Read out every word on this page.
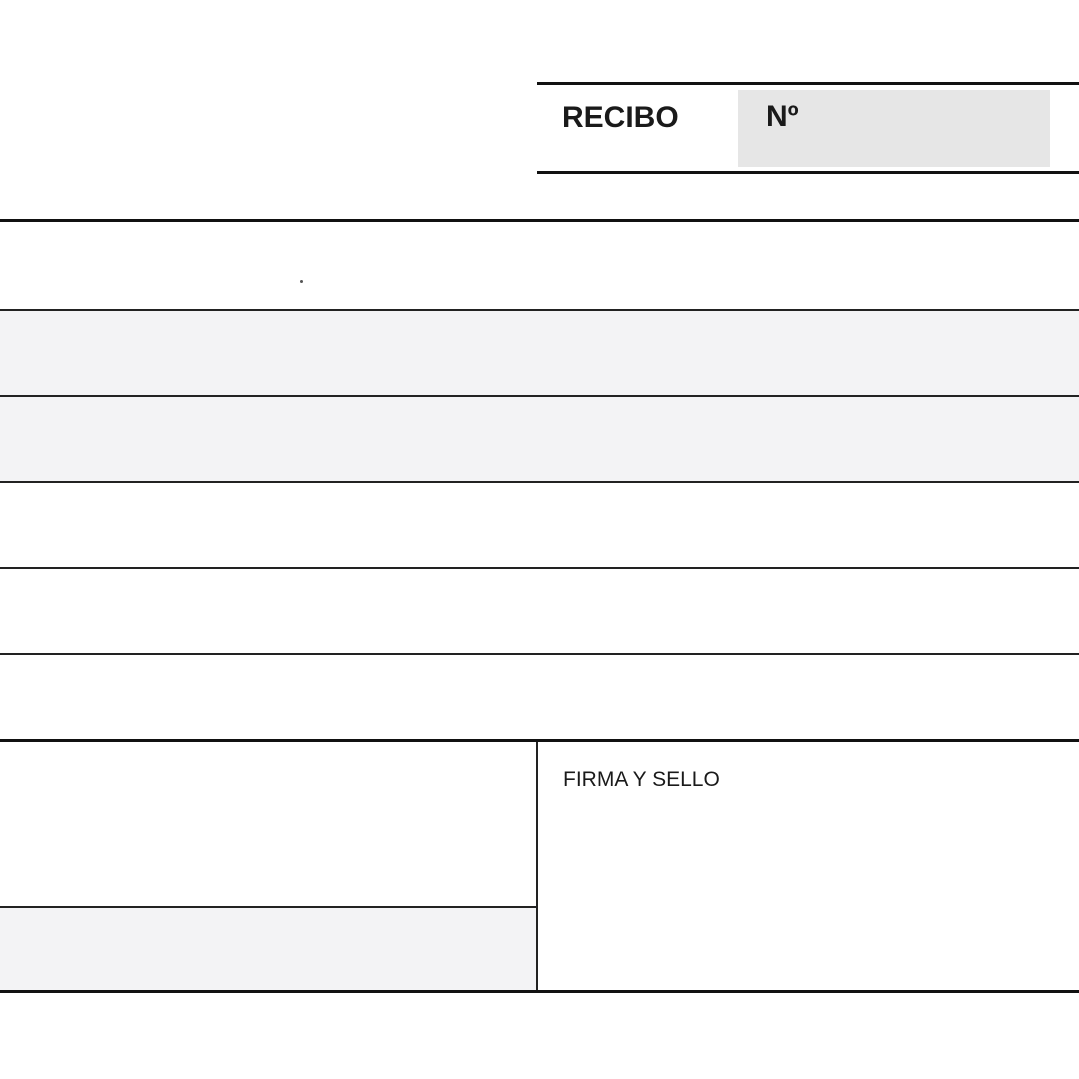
RECIBO	Nº
FIRMA Y SELLO
